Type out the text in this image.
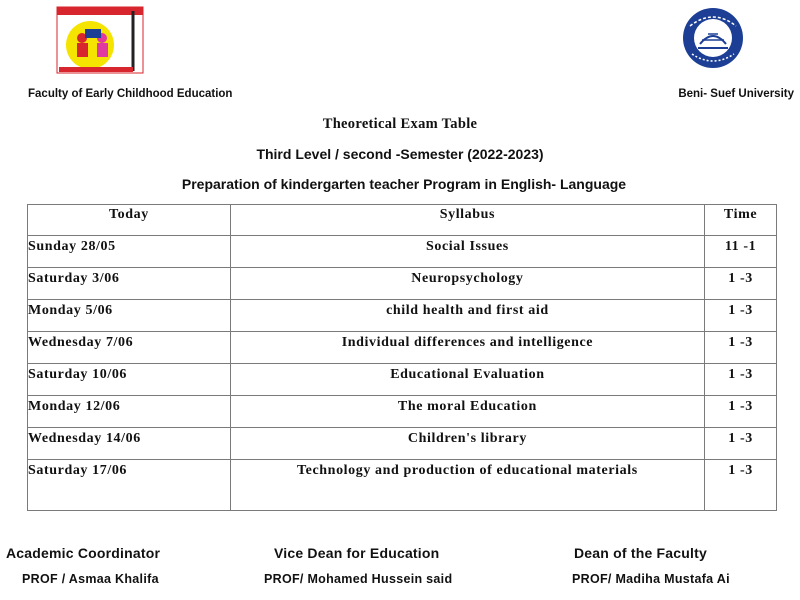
Faculty of Early Childhood Education	Beni- Suef University
Theoretical Exam Table
Third Level / second -Semester (2022-2023)
Preparation of kindergarten teacher Program in English- Language
Today	Syllabus	Time
Sunday 28/05	Social Issues	11 -1
Saturday 3/06	Neuropsychology	1 -3
Monday 5/06	child health and first aid	1 -3
Wednesday 7/06	Individual differences and intelligence	1 -3
Saturday 10/06	Educational Evaluation	1 -3
Monday 12/06	The moral Education	1 -3
Wednesday 14/06	Children's library	1 -3
Saturday 17/06	Technology and production of educational materials	1 -3
Academic Coordinator	Vice Dean for Education	Dean of the Faculty
PROF / Asmaa Khalifa	PROF/ Mohamed Hussein said	PROF/ Madiha Mustafa Ai
